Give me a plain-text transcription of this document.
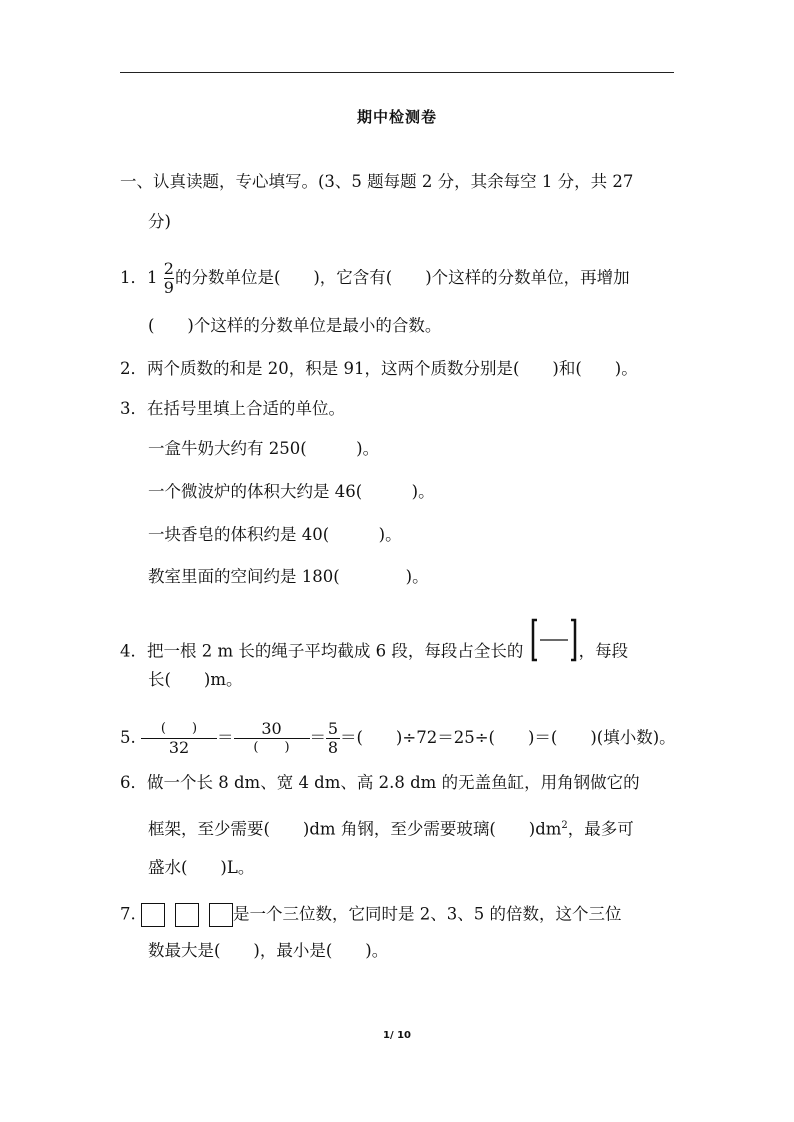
期中检测卷
一、认真读题，专心填写。(3、5 题每题 2 分，其余每空 1 分，共 27
分)
1．$1 \frac{2}{9}$ 的分数单位是(　　)，它含有(　　)个这样的分数单位，再增加
(　　)个这样的分数单位是最小的合数。
2．两个质数的和是 20，积是 91，这两个质数分别是(　　)和(　　)。
3．在括号里填上合适的单位。
一盒牛奶大约有 250(　　　)。
一个微波炉的体积大约是 46(　　　)。
一块香皂的体积约是 40(　　　)。
教室里面的空间约是 180(　　　　)。
4．把一根 2 m 长的绳子平均截成 6 段，每段占全长的	，每段
长(　　)m。
5. $\frac{( )}{32} = \frac{30}{( )} = \frac{5}{8}$ ＝(　　)÷72＝25÷(　　)＝(　　)(填小数)。
6．做一个长 8 dm、宽 4 dm、高 2.8 dm 的无盖鱼缸，用角钢做它的
框架，至少需要(　　)dm 角钢，至少需要玻璃(　　)$dm^2$，最多可
盛水(　　)L。
7.	是一个三位数，它同时是 2、3、5 的倍数，这个三位
数最大是(　　)，最小是(　　)。
1/ 10
